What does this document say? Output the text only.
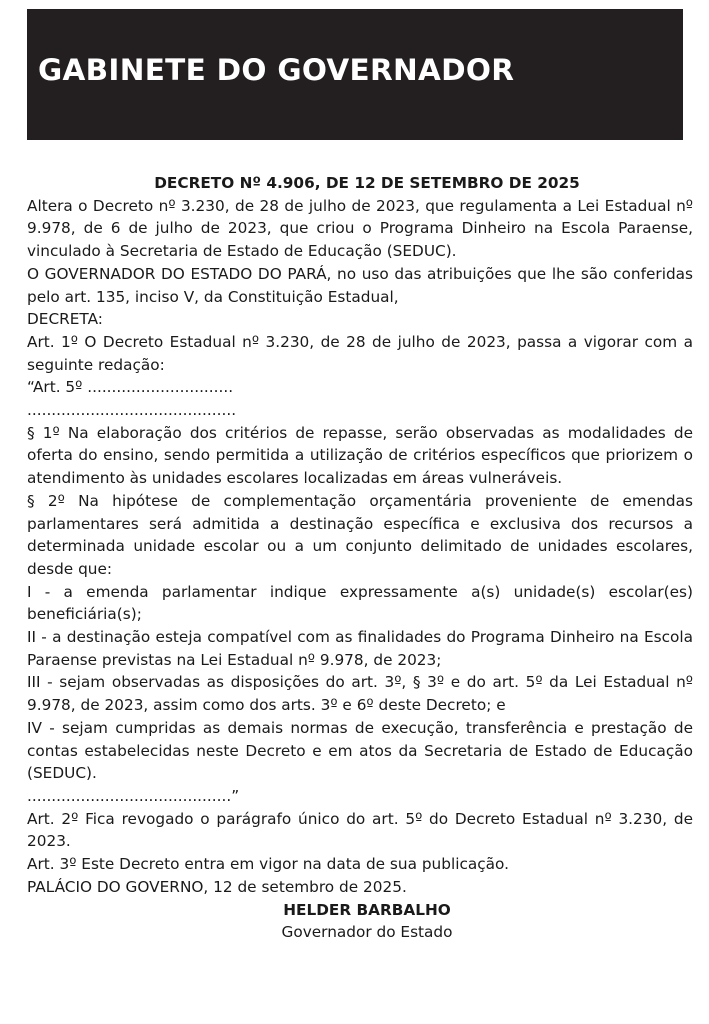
GABINETE DO GOVERNADOR

DECRETO Nº 4.906, DE 12 DE SETEMBRO DE 2025

Altera o Decreto nº 3.230, de 28 de julho de 2023, que regulamenta a Lei Estadual nº 9.978, de 6 de julho de 2023, que criou o Programa Dinheiro na Escola Paraense, vinculado à Secretaria de Estado de Educação (SEDUC).

O GOVERNADOR DO ESTADO DO PARÁ, no uso das atribuições que lhe são conferidas pelo art. 135, inciso V, da Constituição Estadual,

DECRETA:

Art. 1º O Decreto Estadual nº 3.230, de 28 de julho de 2023, passa a vigorar com a seguinte redação:

“Art. 5º ..............................

...........................................

§ 1º Na elaboração dos critérios de repasse, serão observadas as modalidades de oferta do ensino, sendo permitida a utilização de critérios específicos que priorizem o atendimento às unidades escolares localizadas em áreas vulneráveis.

§ 2º Na hipótese de complementação orçamentária proveniente de emendas parlamentares será admitida a destinação específica e exclusiva dos recursos a determinada unidade escolar ou a um conjunto delimitado de unidades escolares, desde que:

I - a emenda parlamentar indique expressamente a(s) unidade(s) escolar(es) beneficiária(s);

II - a destinação esteja compatível com as finalidades do Programa Dinheiro na Escola Paraense previstas na Lei Estadual nº 9.978, de 2023;

III - sejam observadas as disposições do art. 3º, § 3º e do art. 5º da Lei Estadual nº 9.978, de 2023, assim como dos arts. 3º e 6º deste Decreto; e

IV - sejam cumpridas as demais normas de execução, transferência e prestação de contas estabelecidas neste Decreto e em atos da Secretaria de Estado de Educação (SEDUC).

..........................................”

Art. 2º Fica revogado o parágrafo único do art. 5º do Decreto Estadual nº 3.230, de 2023.

Art. 3º Este Decreto entra em vigor na data de sua publicação.

PALÁCIO DO GOVERNO, 12 de setembro de 2025.

HELDER BARBALHO

Governador do Estado
